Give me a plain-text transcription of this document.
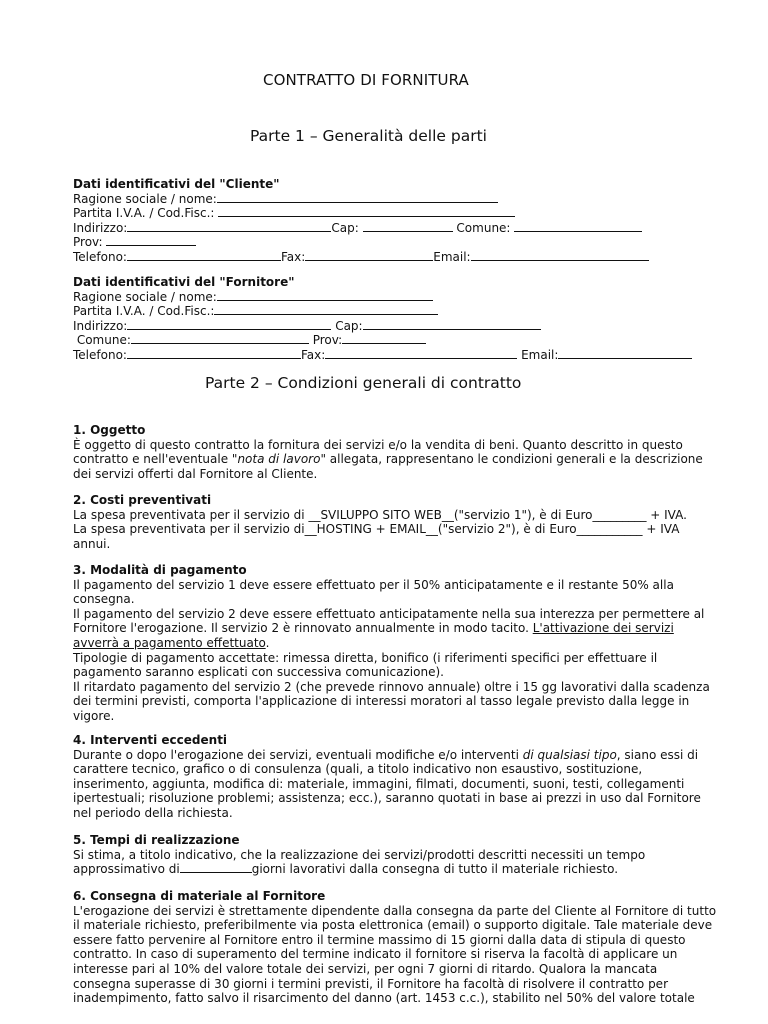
CONTRATTO DI FORNITURA
Parte 1 – Generalità delle parti

Dati identificativi del "Cliente"

Ragione sociale / nome:

Partita I.V.A. / Cod.Fisc.:

Indirizzo:	Cap:	Comune:

Prov:

Telefono:	Fax:	Email:

Dati identificativi del "Fornitore"

Ragione sociale / nome:

Partita I.V.A. / Cod.Fisc.:

Indirizzo:	Cap:

Comune:	Prov:

Telefono:	Fax:	Email:

Parte 2 – Condizioni generali di contratto

1. Oggetto

È oggetto di questo contratto la fornitura dei servizi e/o la vendita di beni. Quanto descritto in questo

contratto e nell'eventuale "nota di lavoro" allegata, rappresentano le condizioni generali e la descrizione

dei servizi offerti dal Fornitore al Cliente.

2. Costi preventivati

La spesa preventivata per il servizio di __SVILUPPO SITO WEB__("servizio 1"), è di Euro_________ + IVA.

La spesa preventivata per il servizio di__HOSTING + EMAIL__("servizio 2"), è di Euro___________ + IVA

annui.

3. Modalità di pagamento

Il pagamento del servizio 1 deve essere effettuato per il 50% anticipatamente e il restante 50% alla

consegna.

Il pagamento del servizio 2 deve essere effettuato anticipatamente nella sua interezza per permettere al

Fornitore l'erogazione. Il servizio 2 è rinnovato annualmente in modo tacito. L'attivazione dei servizi

avverrà a pagamento effettuato.

Tipologie di pagamento accettate: rimessa diretta, bonifico (i riferimenti specifici per effettuare il

pagamento saranno esplicati con successiva comunicazione).

Il ritardato pagamento del servizio 2 (che prevede rinnovo annuale) oltre i 15 gg lavorativi dalla scadenza

dei termini previsti, comporta l'applicazione di interessi moratori al tasso legale previsto dalla legge in

vigore.

4. Interventi eccedenti

Durante o dopo l'erogazione dei servizi, eventuali modifiche e/o interventi di qualsiasi tipo, siano essi di

carattere tecnico, grafico o di consulenza (quali, a titolo indicativo non esaustivo, sostituzione,

inserimento, aggiunta, modifica di: materiale, immagini, filmati, documenti, suoni, testi, collegamenti

ipertestuali; risoluzione problemi; assistenza; ecc.), saranno quotati in base ai prezzi in uso dal Fornitore

nel periodo della richiesta.

5. Tempi di realizzazione

Si stima, a titolo indicativo, che la realizzazione dei servizi/prodotti descritti necessiti un tempo

approssimativo di	giorni lavorativi dalla consegna di tutto il materiale richiesto.

6. Consegna di materiale al Fornitore

L'erogazione dei servizi è strettamente dipendente dalla consegna da parte del Cliente al Fornitore di tutto

il materiale richiesto, preferibilmente via posta elettronica (email) o supporto digitale. Tale materiale deve

essere fatto pervenire al Fornitore entro il termine massimo di 15 giorni dalla data di stipula di questo

contratto. In caso di superamento del termine indicato il fornitore si riserva la facoltà di applicare un

interesse pari al 10% del valore totale dei servizi, per ogni 7 giorni di ritardo. Qualora la mancata

consegna superasse di 30 giorni i termini previsti, il Fornitore ha facoltà di risolvere il contratto per

inadempimento, fatto salvo il risarcimento del danno (art. 1453 c.c.), stabilito nel 50% del valore totale
